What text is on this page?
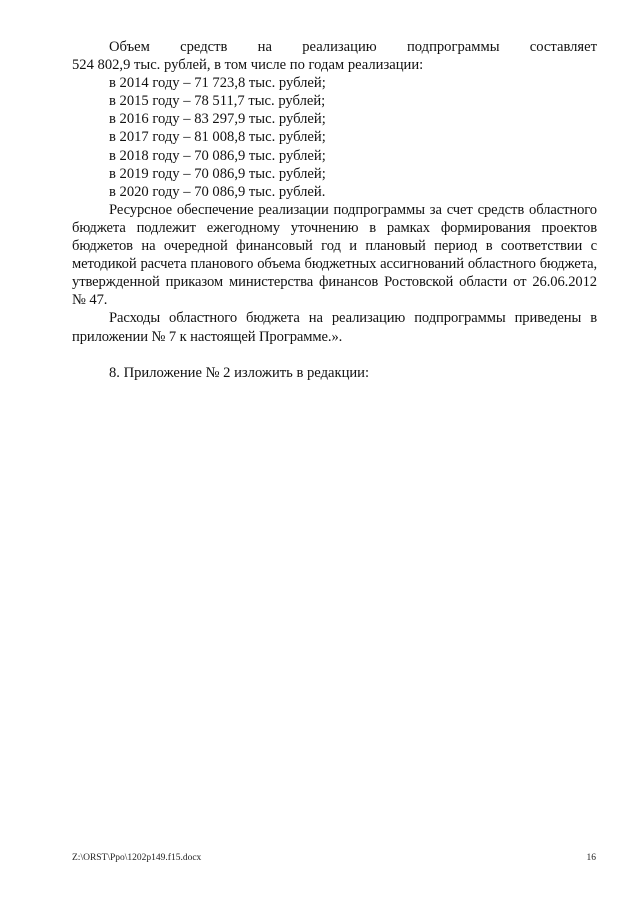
Объем средств на реализацию подпрограммы составляет
524 802,9 тыс. рублей, в том числе по годам реализации:
в 2014 году – 71 723,8 тыс. рублей;
в 2015 году – 78 511,7 тыс. рублей;
в 2016 году – 83 297,9 тыс. рублей;
в 2017 году – 81 008,8 тыс. рублей;
в 2018 году – 70 086,9 тыс. рублей;
в 2019 году – 70 086,9 тыс. рублей;
в 2020 году – 70 086,9 тыс. рублей.

Ресурсное обеспечение реализации подпрограммы за счет средств областного бюджета подлежит ежегодному уточнению в рамках формирования проектов бюджетов на очередной финансовый год и плановый период в соответствии с методикой расчета планового объема бюджетных ассигнований областного бюджета, утвержденной приказом министерства финансов Ростовской области от 26.06.2012 № 47.

Расходы областного бюджета на реализацию подпрограммы приведены в приложении № 7 к настоящей Программе.».

8. Приложение № 2 изложить в редакции:
Z:\ORST\Ppo\1202p149.f15.docx	16
